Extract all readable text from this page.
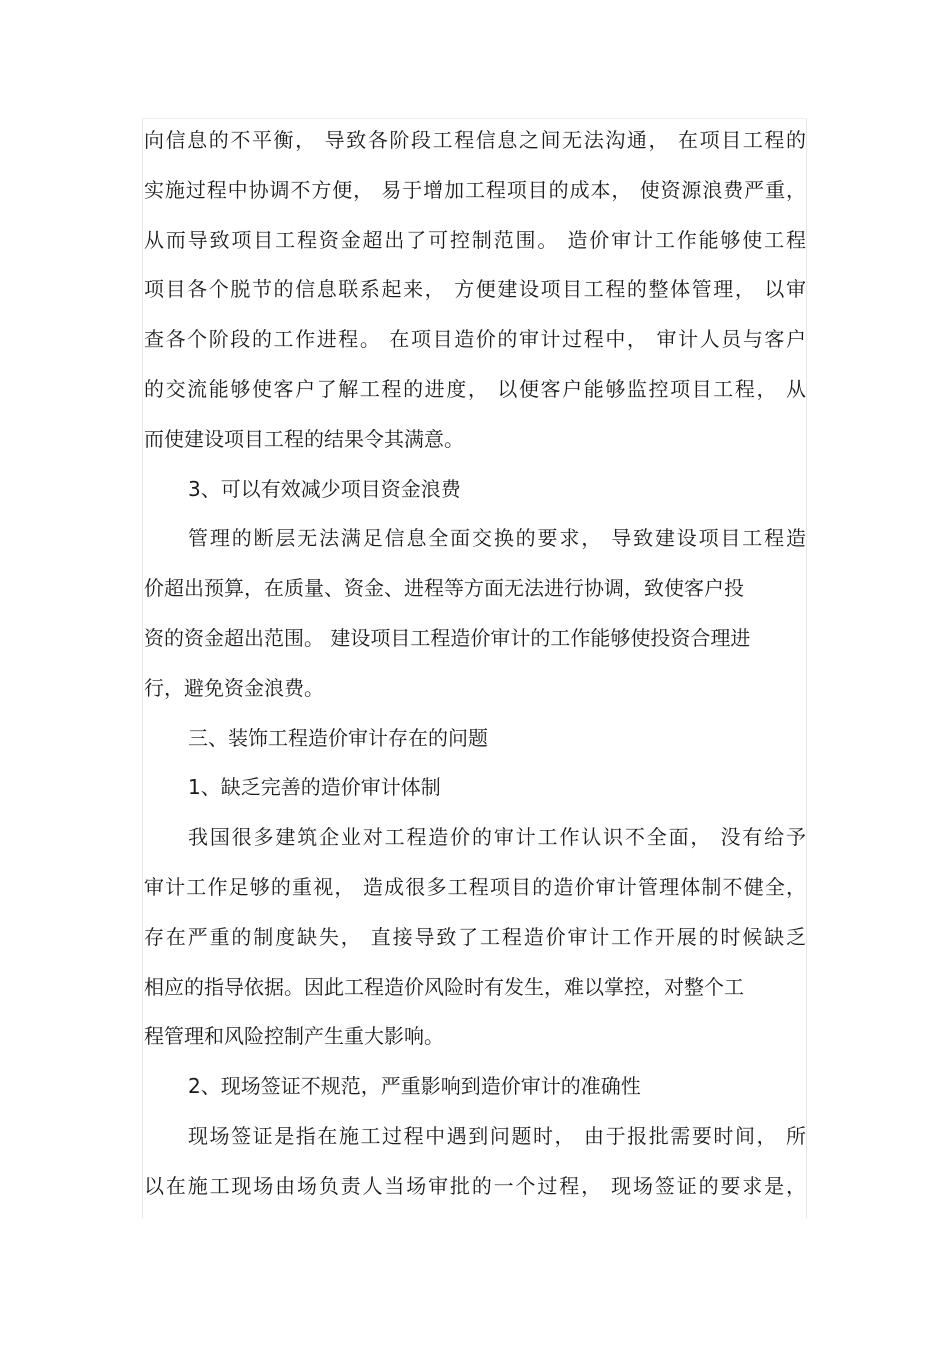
向信息的不平衡， 导致各阶段工程信息之间无法沟通， 在项目工程的
实施过程中协调不方便， 易于增加工程项目的成本， 使资源浪费严重，
从而导致项目工程资金超出了可控制范围。 造价审计工作能够使工程
项目各个脱节的信息联系起来， 方便建设项目工程的整体管理， 以审
查各个阶段的工作进程。 在项目造价的审计过程中， 审计人员与客户
的交流能够使客户了解工程的进度， 以便客户能够监控项目工程， 从
而使建设项目工程的结果令其满意。
3、可以有效减少项目资金浪费
管理的断层无法满足信息全面交换的要求， 导致建设项目工程造
价超出预算，在质量、资金、进程等方面无法进行协调，致使客户投
资的资金超出范围。 建设项目工程造价审计的工作能够使投资合理进
行，避免资金浪费。
三、装饰工程造价审计存在的问题
1、缺乏完善的造价审计体制
我国很多建筑企业对工程造价的审计工作认识不全面， 没有给予
审计工作足够的重视， 造成很多工程项目的造价审计管理体制不健全，
存在严重的制度缺失， 直接导致了工程造价审计工作开展的时候缺乏
相应的指导依据。因此工程造价风险时有发生，难以掌控，对整个工
程管理和风险控制产生重大影响。
2、现场签证不规范，严重影响到造价审计的准确性
现场签证是指在施工过程中遇到问题时， 由于报批需要时间， 所
以在施工现场由场负责人当场审批的一个过程， 现场签证的要求是，
